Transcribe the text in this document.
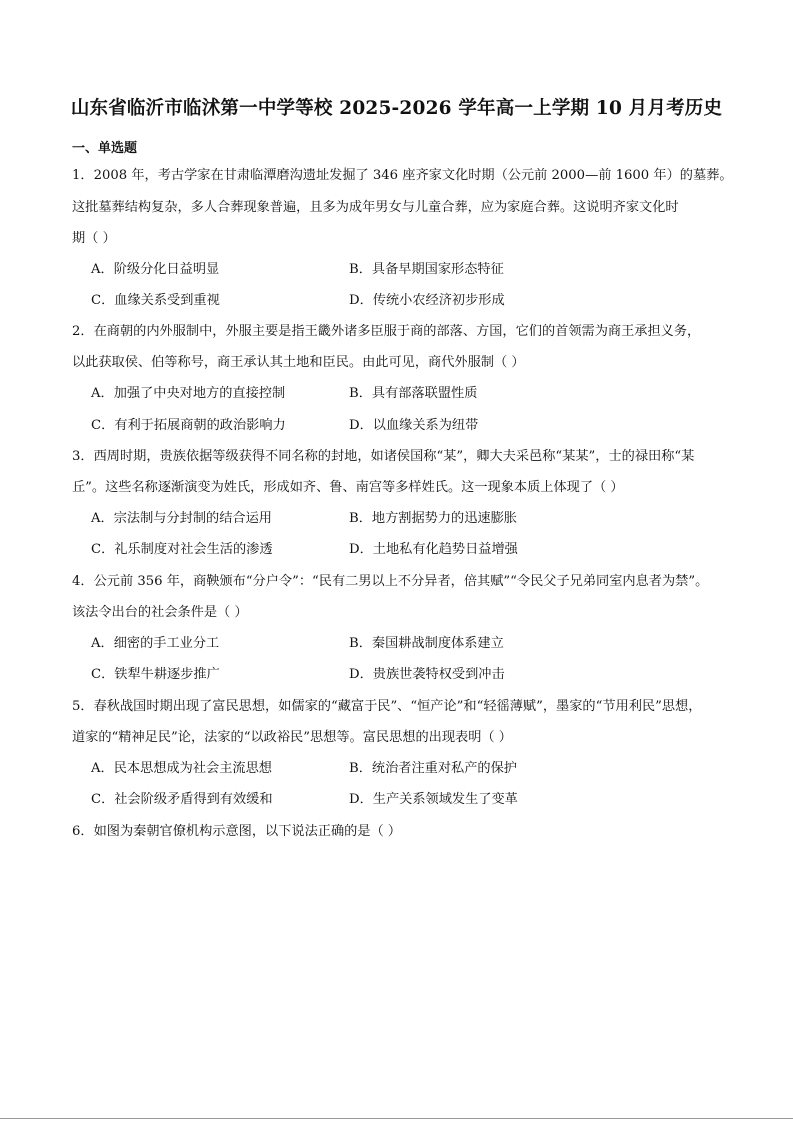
山东省临沂市临沭第一中学等校 2025-2026 学年高一上学期 10 月月考历史
一、单选题
1．2008 年，考古学家在甘肃临潭磨沟遗址发掘了 346 座齐家文化时期（公元前 2000—前 1600 年）的墓葬。
这批墓葬结构复杂，多人合葬现象普遍，且多为成年男女与儿童合葬，应为家庭合葬。这说明齐家文化时
期（ ）
A．阶级分化日益明显	B．具备早期国家形态特征
C．血缘关系受到重视	D．传统小农经济初步形成
2．在商朝的内外服制中，外服主要是指王畿外诸多臣服于商的部落、方国，它们的首领需为商王承担义务，
以此获取侯、伯等称号，商王承认其土地和臣民。由此可见，商代外服制（ ）
A．加强了中央对地方的直接控制	B．具有部落联盟性质
C．有利于拓展商朝的政治影响力	D．以血缘关系为纽带
3．西周时期，贵族依据等级获得不同名称的封地，如诸侯国称“某”，卿大夫采邑称“某某”，士的禄田称“某
丘”。这些名称逐渐演变为姓氏，形成如齐、鲁、南宫等多样姓氏。这一现象本质上体现了（ ）
A．宗法制与分封制的结合运用	B．地方割据势力的迅速膨胀
C．礼乐制度对社会生活的渗透	D．土地私有化趋势日益增强
4．公元前 356 年，商鞅颁布“分户令”：“民有二男以上不分异者，倍其赋”“令民父子兄弟同室内息者为禁”。
该法令出台的社会条件是（ ）
A．细密的手工业分工	B．秦国耕战制度体系建立
C．铁犁牛耕逐步推广	D．贵族世袭特权受到冲击
5．春秋战国时期出现了富民思想，如儒家的“藏富于民”、“恒产论”和“轻徭薄赋”，墨家的“节用利民”思想，
道家的“精神足民”论，法家的“以政裕民”思想等。富民思想的出现表明（ ）
A．民本思想成为社会主流思想	B．统治者注重对私产的保护
C．社会阶级矛盾得到有效缓和	D．生产关系领域发生了变革
6．如图为秦朝官僚机构示意图，以下说法正确的是（ ）
